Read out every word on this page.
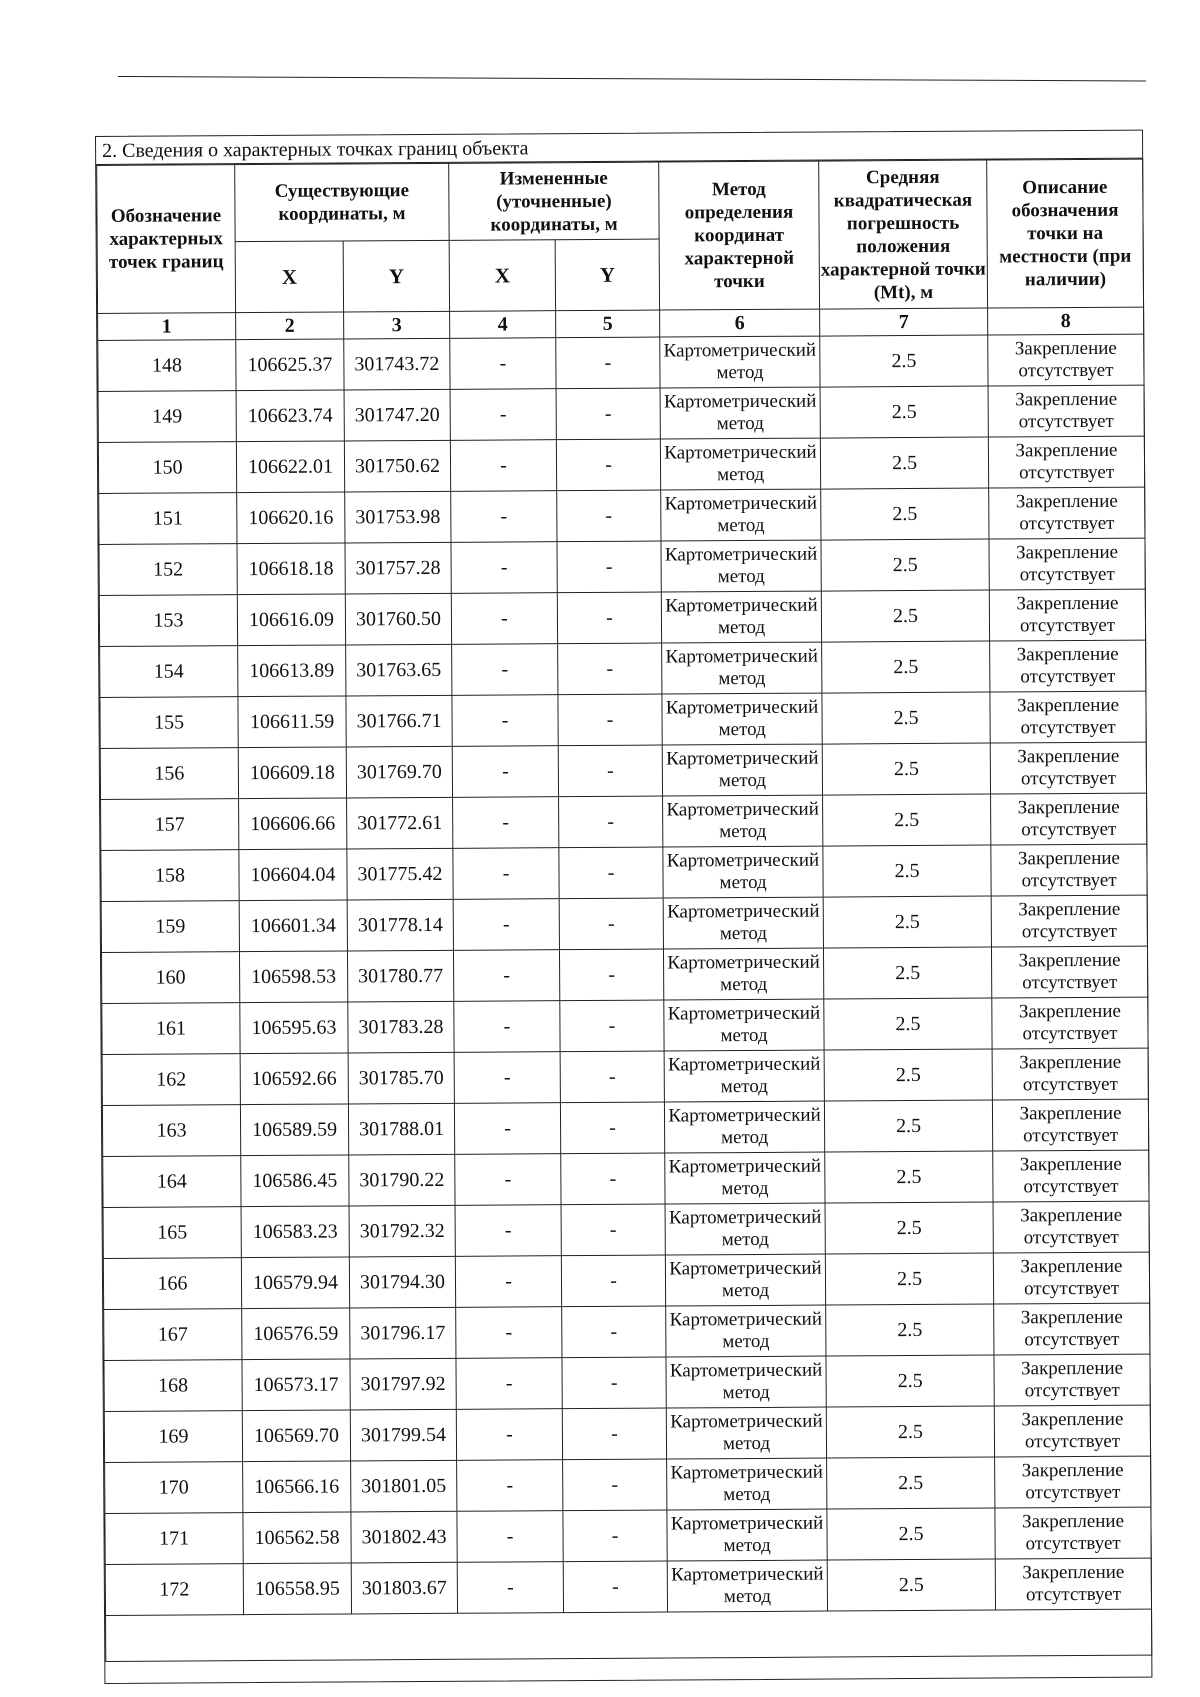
2. Сведения о характерных точках границ объекта
Обозначение характерных точек границ	Существующие координаты, м		Измененные (уточненные) координаты, м		Метод определения координат характерной точки	Средняя квадратическая погрешность положения характерной точки (Mt), м	Описание обозначения точки на местности (при наличии)
	X	Y	X	Y			
1	2	3	4	5	6	7	8
148	106625.37	301743.72	-	-	Картометрический метод	2.5	Закрепление отсутствует
149	106623.74	301747.20	-	-	Картометрический метод	2.5	Закрепление отсутствует
150	106622.01	301750.62	-	-	Картометрический метод	2.5	Закрепление отсутствует
151	106620.16	301753.98	-	-	Картометрический метод	2.5	Закрепление отсутствует
152	106618.18	301757.28	-	-	Картометрический метод	2.5	Закрепление отсутствует
153	106616.09	301760.50	-	-	Картометрический метод	2.5	Закрепление отсутствует
154	106613.89	301763.65	-	-	Картометрический метод	2.5	Закрепление отсутствует
155	106611.59	301766.71	-	-	Картометрический метод	2.5	Закрепление отсутствует
156	106609.18	301769.70	-	-	Картометрический метод	2.5	Закрепление отсутствует
157	106606.66	301772.61	-	-	Картометрический метод	2.5	Закрепление отсутствует
158	106604.04	301775.42	-	-	Картометрический метод	2.5	Закрепление отсутствует
159	106601.34	301778.14	-	-	Картометрический метод	2.5	Закрепление отсутствует
160	106598.53	301780.77	-	-	Картометрический метод	2.5	Закрепление отсутствует
161	106595.63	301783.28	-	-	Картометрический метод	2.5	Закрепление отсутствует
162	106592.66	301785.70	-	-	Картометрический метод	2.5	Закрепление отсутствует
163	106589.59	301788.01	-	-	Картометрический метод	2.5	Закрепление отсутствует
164	106586.45	301790.22	-	-	Картометрический метод	2.5	Закрепление отсутствует
165	106583.23	301792.32	-	-	Картометрический метод	2.5	Закрепление отсутствует
166	106579.94	301794.30	-	-	Картометрический метод	2.5	Закрепление отсутствует
167	106576.59	301796.17	-	-	Картометрический метод	2.5	Закрепление отсутствует
168	106573.17	301797.92	-	-	Картометрический метод	2.5	Закрепление отсутствует
169	106569.70	301799.54	-	-	Картометрический метод	2.5	Закрепление отсутствует
170	106566.16	301801.05	-	-	Картометрический метод	2.5	Закрепление отсутствует
171	106562.58	301802.43	-	-	Картометрический метод	2.5	Закрепление отсутствует
172	106558.95	301803.67	-	-	Картометрический метод	2.5	Закрепление отсутствует
